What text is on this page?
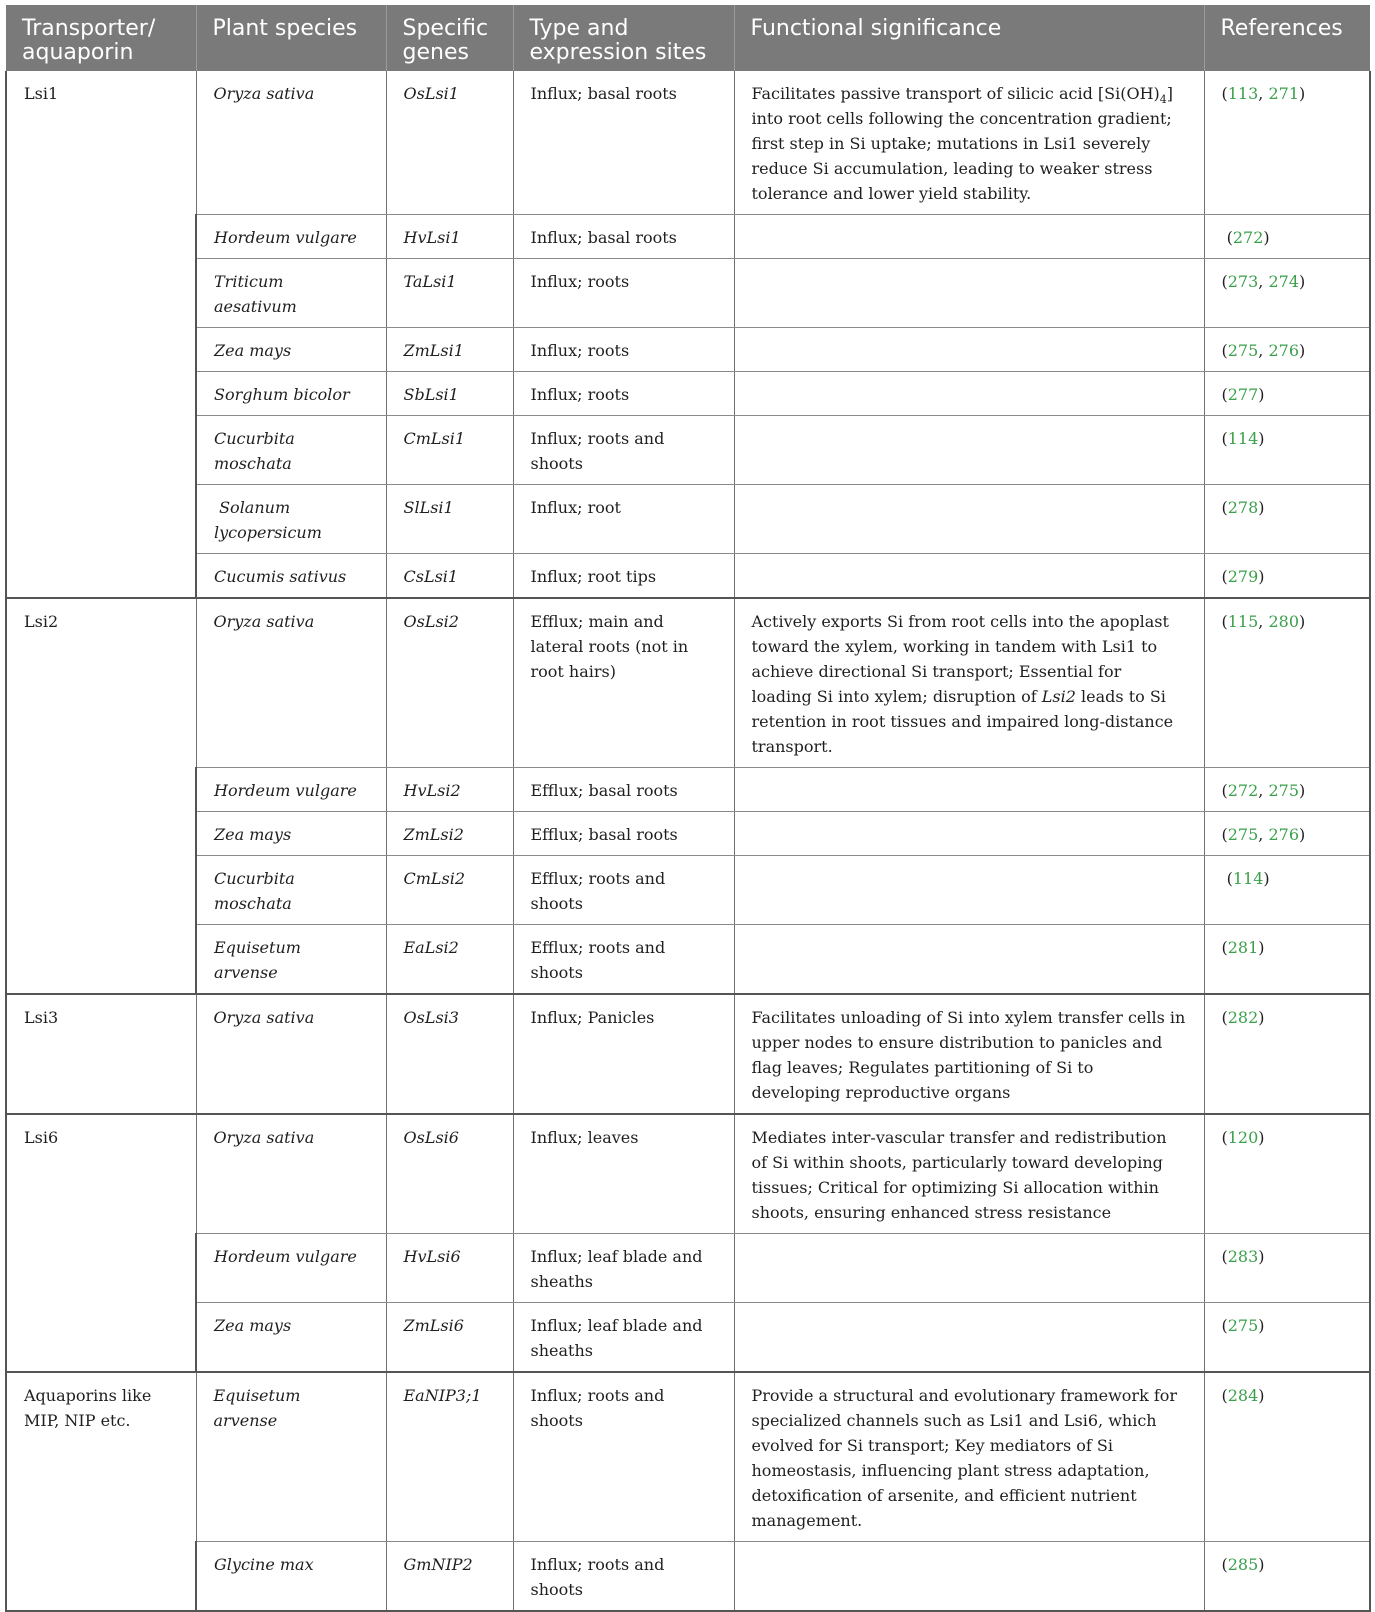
Transporter/ aquaporin	Plant species	Specific genes	Type and expression sites	Functional significance	References
Lsi1	Oryza sativa	OsLsi1	Influx; basal roots	Facilitates passive transport of silicic acid $[Si(OH)_4]$ into root cells following the concentration gradient; first step in Si uptake; mutations in Lsi1 severely reduce Si accumulation, leading to weaker stress tolerance and lower yield stability.	(113, 271)
	Hordeum vulgare	HvLsi1	Influx; basal roots		(272)
	Triticum aesativum	TaLsi1	Influx; roots		(273, 274)
	Zea mays	ZmLsi1	Influx; roots		(275, 276)
	Sorghum bicolor	SbLsi1	Influx; roots		(277)
	Cucurbita moschata	CmLsi1	Influx; roots and shoots		(114)
	Solanum lycopersicum	SlLsi1	Influx; root		(278)
	Cucumis sativus	CsLsi1	Influx; root tips		(279)
Lsi2	Oryza sativa	OsLsi2	Efflux; main and lateral roots (not in root hairs)	Actively exports Si from root cells into the apoplast toward the xylem, working in tandem with Lsi1 to achieve directional Si transport; Essential for loading Si into xylem; disruption of Lsi2 leads to Si retention in root tissues and impaired long-distance transport.	(115, 280)
	Hordeum vulgare	HvLsi2	Efflux; basal roots		(272, 275)
	Zea mays	ZmLsi2	Efflux; basal roots		(275, 276)
	Cucurbita moschata	CmLsi2	Efflux; roots and shoots		(114)
	Equisetum arvense	EaLsi2	Efflux; roots and shoots		(281)
Lsi3	Oryza sativa	OsLsi3	Influx; Panicles	Facilitates unloading of Si into xylem transfer cells in upper nodes to ensure distribution to panicles and flag leaves; Regulates partitioning of Si to developing reproductive organs	(282)
Lsi6	Oryza sativa	OsLsi6	Influx; leaves	Mediates inter-vascular transfer and redistribution of Si within shoots, particularly toward developing tissues; Critical for optimizing Si allocation within shoots, ensuring enhanced stress resistance	(120)
	Hordeum vulgare	HvLsi6	Influx; leaf blade and sheaths		(283)
	Zea mays	ZmLsi6	Influx; leaf blade and sheaths		(275)
Aquaporins like MIP, NIP etc.	Equisetum arvense	EaNIP3;1	Influx; roots and shoots	Provide a structural and evolutionary framework for specialized channels such as Lsi1 and Lsi6, which evolved for Si transport; Key mediators of Si homeostasis, influencing plant stress adaptation, detoxification of arsenite, and efficient nutrient management.	(284)
	Glycine max	GmNIP2	Influx; roots and shoots		(285)
